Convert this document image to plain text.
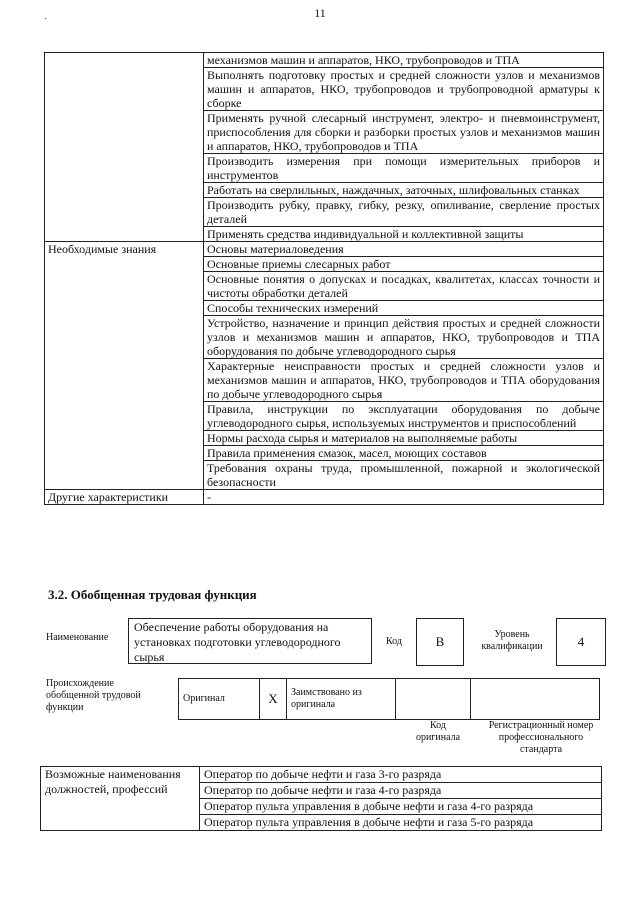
11
·
	механизмов машин и аппаратов, НКО, трубопроводов и ТПА
	Выполнять подготовку простых и средней сложности узлов и механизмов машин и аппаратов, НКО, трубопроводов и трубопроводной арматуры к сборке
	Применять ручной слесарный инструмент, электро- и пневмоинструмент, приспособления для сборки и разборки простых узлов и механизмов машин и аппаратов, НКО, трубопроводов и ТПА
	Производить измерения при помощи измерительных приборов и инструментов
	Работать на сверлильных, наждачных, заточных, шлифовальных станках
	Производить рубку, правку, гибку, резку, опиливание, сверление простых деталей
	Применять средства индивидуальной и коллективной защиты
Необходимые знания	Основы материаловедения
	Основные приемы слесарных работ
	Основные понятия о допусках и посадках, квалитетах, классах точности и чистоты обработки деталей
	Способы технических измерений
	Устройство, назначение и принцип действия простых и средней сложности узлов и механизмов машин и аппаратов, НКО, трубопроводов и ТПА оборудования по добыче углеводородного сырья
	Характерные неисправности простых и средней сложности узлов и механизмов машин и аппаратов, НКО, трубопроводов и ТПА оборудования по добыче углеводородного сырья
	Правила, инструкции по эксплуатации оборудования по добыче углеводородного сырья, используемых инструментов и приспособлений
	Нормы расхода сырья и материалов на выполняемые работы
	Правила применения смазок, масел, моющих составов
	Требования охраны труда, промышленной, пожарной и экологической безопасности
Другие характеристики	-
3.2. Обобщенная трудовая функция
Наименование
Обеспечение работы оборудования на установках подготовки углеводородного сырья
Код	B	Уровень квалификации	4
Происхождение обобщенной трудовой функции
Оригинал	X	Заимствовано из оригинала		
Код оригинала
Регистрационный номер профессионального стандарта
Возможные наименования должностей, профессий	Оператор по добыче нефти и газа 3-го разряда
Оператор по добыче нефти и газа 4-го разряда
Оператор пульта управления в добыче нефти и газа 4-го разряда
Оператор пульта управления в добыче нефти и газа 5-го разряда
